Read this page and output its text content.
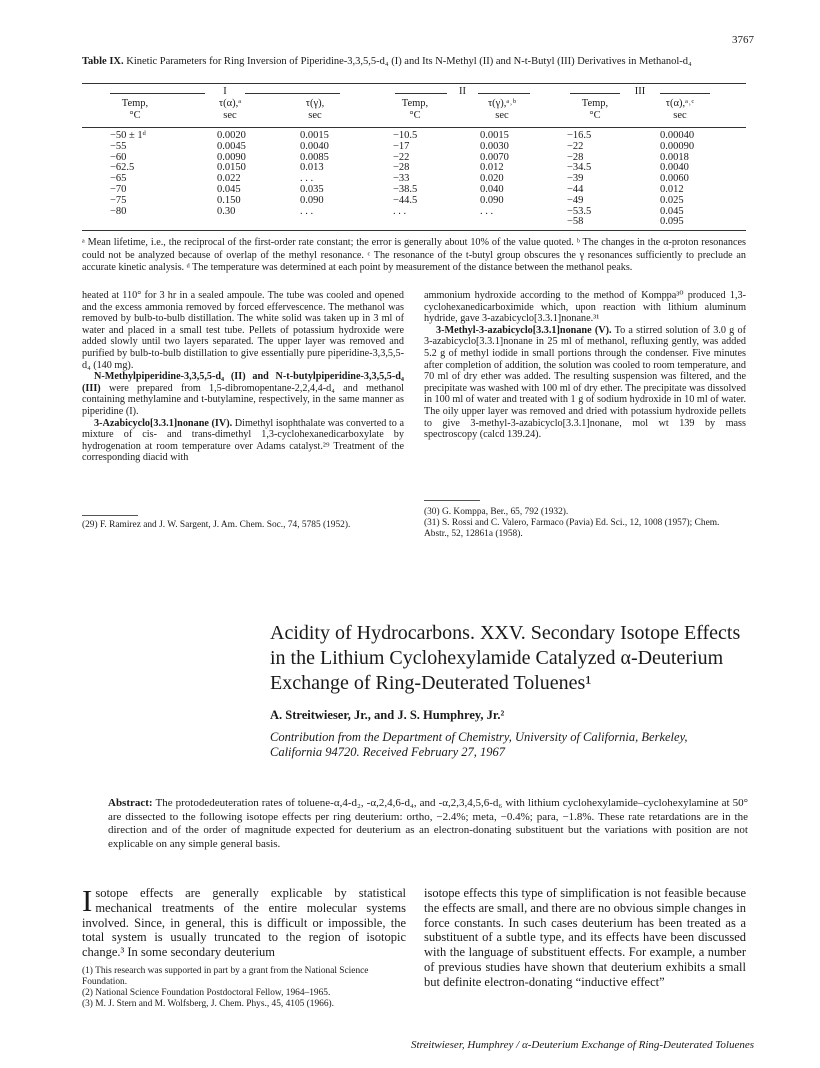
3767
Table IX. Kinetic Parameters for Ring Inversion of Piperidine-3,3,5,5-d₄ (I) and Its N-Methyl (II) and N-t-Butyl (III) Derivatives in Methanol-d₄
I	II	III
Temp,
°C
τ(α),ᵃ
sec
τ(γ),
sec
Temp,
°C
τ(γ),ᵃ˒ᵇ
sec
Temp,
°C
τ(α),ᵃ˒ᶜ
sec
−50 ± 1ᵈ
−55
−60
−62.5
−65
−70
−75
−80
0.0020
0.0045
0.0090
0.0150
0.022
0.045
0.150
0.30
0.0015
0.0040
0.0085
0.013
. . .
0.035
0.090
. . .
−10.5
−17
−22
−28
−33
−38.5
−44.5
. . .
0.0015
0.0030
0.0070
0.012
0.020
0.040
0.090
. . .
−16.5
−22
−28
−34.5
−39
−44
−49
−53.5
−58
0.00040
0.00090
0.0018
0.0040
0.0060
0.012
0.025
0.045
0.095
ᵃ Mean lifetime, i.e., the reciprocal of the first-order rate constant; the error is generally about 10% of the value quoted. ᵇ The changes in the α-proton resonances could not be analyzed because of overlap of the methyl resonance. ᶜ The resonance of the t-butyl group obscures the γ resonances sufficiently to preclude an accurate kinetic analysis. ᵈ The temperature was determined at each point by measurement of the distance between the methanol peaks.

heated at 110° for 3 hr in a sealed ampoule. The tube was cooled and opened and the excess ammonia removed by forced effervescence. The methanol was removed by bulb-to-bulb distillation. The white solid was taken up in 3 ml of water and placed in a small test tube. Pellets of potassium hydroxide were added slowly until two layers separated. The upper layer was removed and purified by bulb-to-bulb distillation to give essentially pure piperidine-3,3,5,5-d₄ (140 mg).

N-Methylpiperidine-3,3,5,5-d₄ (II) and N-t-butylpiperidine-3,3,5,5-d₄ (III) were prepared from 1,5-dibromopentane-2,2,4,4-d₄ and methanol containing methylamine and t-butylamine, respectively, in the same manner as piperidine (I).

3-Azabicyclo[3.3.1]nonane (IV). Dimethyl isophthalate was converted to a mixture of cis- and trans-dimethyl 1,3-cyclohexanedicarboxylate by hydrogenation at room temperature over Adams catalyst.²⁹ Treatment of the corresponding diacid with

(29) F. Ramirez and J. W. Sargent, J. Am. Chem. Soc., 74, 5785 (1952).

ammonium hydroxide according to the method of Komppa³⁰ produced 1,3-cyclohexanedicarboximide which, upon reaction with lithium aluminum hydride, gave 3-azabicyclo[3.3.1]nonane.³¹

3-Methyl-3-azabicyclo[3.3.1]nonane (V). To a stirred solution of 3.0 g of 3-azabicyclo[3.3.1]nonane in 25 ml of methanol, refluxing gently, was added 5.2 g of methyl iodide in small portions through the condenser. Five minutes after completion of addition, the solution was cooled to room temperature, and 70 ml of dry ether was added. The resulting suspension was filtered, and the precipitate was washed with 100 ml of dry ether. The precipitate was dissolved in 100 ml of water and treated with 1 g of sodium hydroxide in 10 ml of water. The oily upper layer was removed and dried with potassium hydroxide pellets to give 3-methyl-3-azabicyclo[3.3.1]nonane, mol wt 139 by mass spectroscopy (calcd 139.24).

(30) G. Komppa, Ber., 65, 792 (1932).

(31) S. Rossi and C. Valero, Farmaco (Pavia) Ed. Sci., 12, 1008 (1957); Chem. Abstr., 52, 12861a (1958).

Acidity of Hydrocarbons. XXV. Secondary Isotope Effects in the Lithium Cyclohexylamide Catalyzed α-Deuterium Exchange of Ring-Deuterated Toluenes¹
A. Streitwieser, Jr., and J. S. Humphrey, Jr.²
Contribution from the Department of Chemistry, University of California, Berkeley, California 94720. Received February 27, 1967
Abstract: The protodedeuteration rates of toluene-α,4-d₂, -α,2,4,6-d₄, and -α,2,3,4,5,6-d₆ with lithium cyclohexylamide–cyclohexylamine at 50° are dissected to the following isotope effects per ring deuterium: ortho, −2.4%; meta, −0.4%; para, −1.8%. These rate retardations are in the direction and of the order of magnitude expected for deuterium as an electron-donating substituent but the variations with position are not explicable on any simple general basis.

Isotope effects are generally explicable by statistical mechanical treatments of the entire molecular systems involved. Since, in general, this is difficult or impossible, the total system is usually truncated to the region of isotopic change.³ In some secondary deuterium

(1) This research was supported in part by a grant from the National Science Foundation.

(2) National Science Foundation Postdoctoral Fellow, 1964–1965.

(3) M. J. Stern and M. Wolfsberg, J. Chem. Phys., 45, 4105 (1966).

isotope effects this type of simplification is not feasible because the effects are small, and there are no obvious simple changes in force constants. In such cases deuterium has been treated as a substituent of a subtle type, and its effects have been discussed with the language of substituent effects. For example, a number of previous studies have shown that deuterium exhibits a small but definite electron-donating “inductive effect”

Streitwieser, Humphrey / α-Deuterium Exchange of Ring-Deuterated Toluenes
